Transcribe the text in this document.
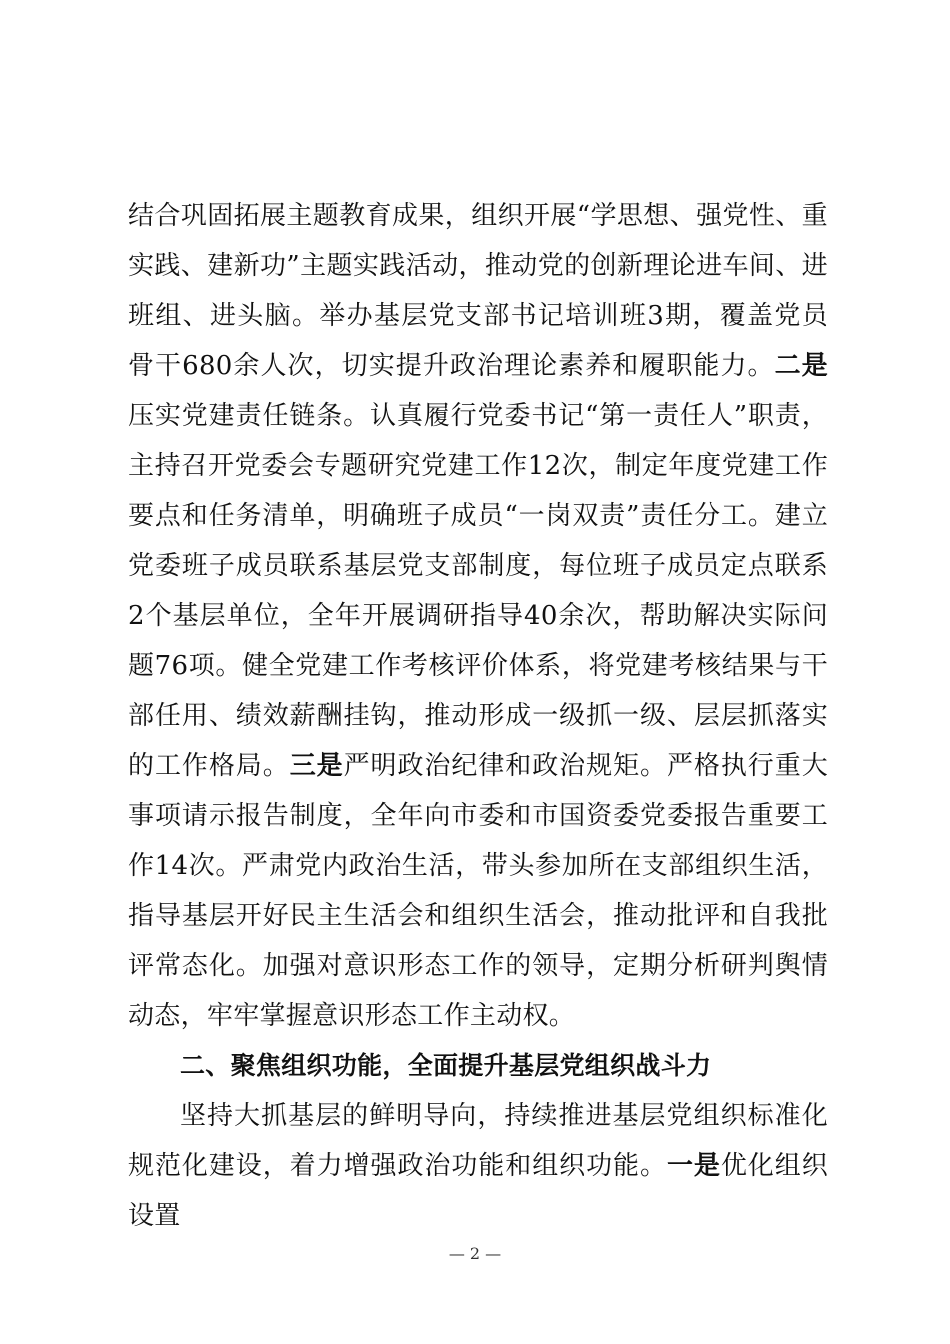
结合巩固拓展主题教育成果，组织开展“学思想、强党性、重实践、建新功”主题实践活动，推动党的创新理论进车间、进班组、进头脑。举办基层党支部书记培训班3期，覆盖党员骨干680余人次，切实提升政治理论素养和履职能力。二是压实党建责任链条。认真履行党委书记“第一责任人”职责，主持召开党委会专题研究党建工作12次，制定年度党建工作要点和任务清单，明确班子成员“一岗双责”责任分工。建立党委班子成员联系基层党支部制度，每位班子成员定点联系2个基层单位，全年开展调研指导40余次，帮助解决实际问题76项。健全党建工作考核评价体系，将党建考核结果与干部任用、绩效薪酬挂钩，推动形成一级抓一级、层层抓落实的工作格局。三是严明政治纪律和政治规矩。严格执行重大事项请示报告制度，全年向市委和市国资委党委报告重要工作14次。严肃党内政治生活，带头参加所在支部组织生活，指导基层开好民主生活会和组织生活会，推动批评和自我批评常态化。加强对意识形态工作的领导，定期分析研判舆情动态，牢牢掌握意识形态工作主动权。

二、聚焦组织功能，全面提升基层党组织战斗力

坚持大抓基层的鲜明导向，持续推进基层党组织标准化规范化建设，着力增强政治功能和组织功能。一是优化组织设置

— 2 —
